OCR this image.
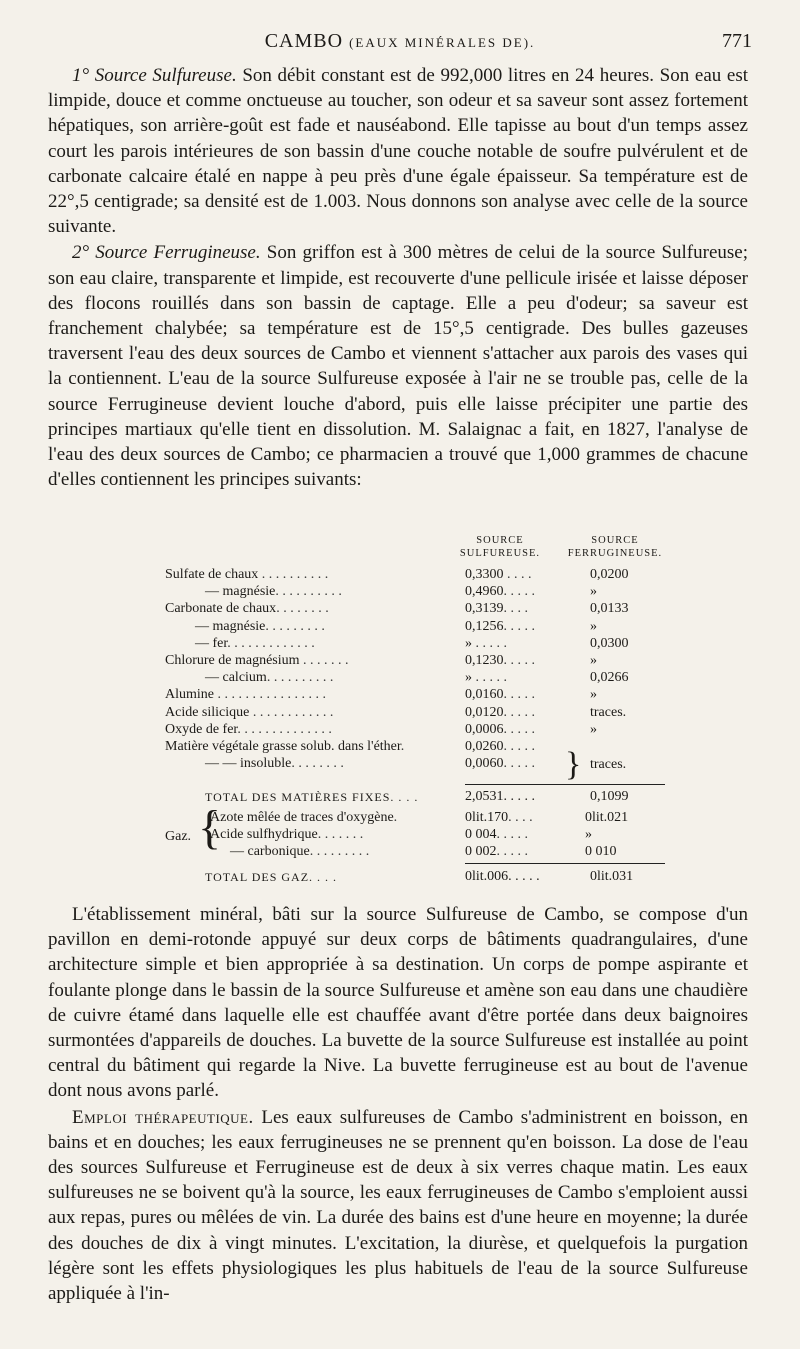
CAMBO (EAUX MINÉRALES DE).	771

1° Source Sulfureuse. Son débit constant est de 992,000 litres en 24 heures. Son eau est limpide, douce et comme onctueuse au toucher, son odeur et sa saveur sont assez fortement hépatiques, son arrière-goût est fade et nauséabond. Elle tapisse au bout d'un temps assez court les parois intérieures de son bassin d'une couche notable de soufre pulvérulent et de carbonate calcaire étalé en nappe à peu près d'une égale épaisseur. Sa température est de 22°,5 centigrade; sa densité est de 1.003. Nous donnons son analyse avec celle de la source suivante.

2° Source Ferrugineuse. Son griffon est à 300 mètres de celui de la source Sulfureuse; son eau claire, transparente et limpide, est recouverte d'une pellicule irisée et laisse déposer des flocons rouillés dans son bassin de captage. Elle a peu d'odeur; sa saveur est franchement chalybée; sa température est de 15°,5 centigrade. Des bulles gazeuses traversent l'eau des deux sources de Cambo et viennent s'attacher aux parois des vases qui la contiennent. L'eau de la source Sulfureuse exposée à l'air ne se trouble pas, celle de la source Ferrugineuse devient louche d'abord, puis elle laisse précipiter une partie des principes martiaux qu'elle tient en dissolution. M. Salaignac a fait, en 1827, l'analyse de l'eau des deux sources de Cambo; ce pharmacien a trouvé que 1,000 grammes de chacune d'elles contiennent les principes suivants:

SOURCE
SULFUREUSE.
SOURCE
FERRUGINEUSE.
Sulfate de chaux . . . . . . . . . .	0,3300 . . . .	0,0200
— magnésie. . . . . . . . . .	0,4960. . . . .	»
Carbonate de chaux. . . . . . . .	0,3139. . . .	0,0133
— magnésie. . . . . . . . .	0,1256. . . . .	»
— fer. . . . . . . . . . . . .	» . . . . .	0,0300
Chlorure de magnésium . . . . . . .	0,1230. . . . .	»
— calcium. . . . . . . . . .	» . . . . .	0,0266
Alumine . . . . . . . . . . . . . . . .	0,0160. . . . .	»
Acide silicique . . . . . . . . . . . .	0,0120. . . . .	traces.
Oxyde de fer. . . . . . . . . . . . . .	0,0006. . . . .	»
Matière végétale grasse solub. dans l'éther.	0,0260. . . . .
— — insoluble. . . . . . . .	0,0060. . . . . } traces.
TOTAL DES MATIÈRES FIXES. . . .	2,0531. . . . .	0,1099
Gaz. {
Azote mêlée de traces d'oxygène.	0lit.170. . . .	0lit.021
Acide sulfhydrique. . . . . . .	0 004. . . . .	»
— carbonique. . . . . . . . .	0 002. . . . .	0 010
TOTAL DES GAZ. . . .	0lit.006. . . . .	0lit.031

L'établissement minéral, bâti sur la source Sulfureuse de Cambo, se compose d'un pavillon en demi-rotonde appuyé sur deux corps de bâtiments quadrangulaires, d'une architecture simple et bien appropriée à sa destination. Un corps de pompe aspirante et foulante plonge dans le bassin de la source Sulfureuse et amène son eau dans une chaudière de cuivre étamé dans laquelle elle est chauffée avant d'être portée dans deux baignoires surmontées d'appareils de douches. La buvette de la source Sulfureuse est installée au point central du bâtiment qui regarde la Nive. La buvette ferrugineuse est au bout de l'avenue dont nous avons parlé.

Emploi thérapeutique. Les eaux sulfureuses de Cambo s'administrent en boisson, en bains et en douches; les eaux ferrugineuses ne se prennent qu'en boisson. La dose de l'eau des sources Sulfureuse et Ferrugineuse est de deux à six verres chaque matin. Les eaux sulfureuses ne se boivent qu'à la source, les eaux ferrugineuses de Cambo s'emploient aussi aux repas, pures ou mêlées de vin. La durée des bains est d'une heure en moyenne; la durée des douches de dix à vingt minutes. L'excitation, la diurèse, et quelquefois la purgation légère sont les effets physiologiques les plus habituels de l'eau de la source Sulfureuse appliquée à l'in-
